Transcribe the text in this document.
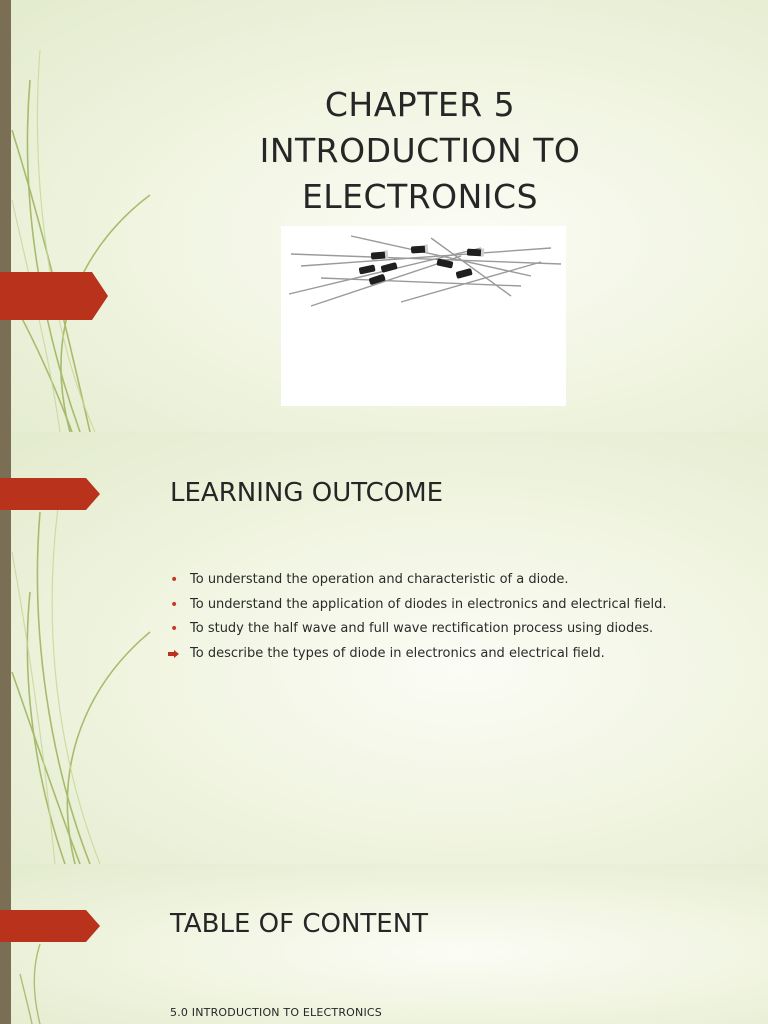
CHAPTER 5
INTRODUCTION TO
ELECTRONICS
LEARNING OUTCOME
• To understand the operation and characteristic of a diode.
• To understand the application of diodes in electronics and electrical field.
• To study the half wave and full wave rectification process using diodes.
To describe the types of diode in electronics and electrical field.
TABLE OF CONTENT
5.0 INTRODUCTION TO ELECTRONICS
